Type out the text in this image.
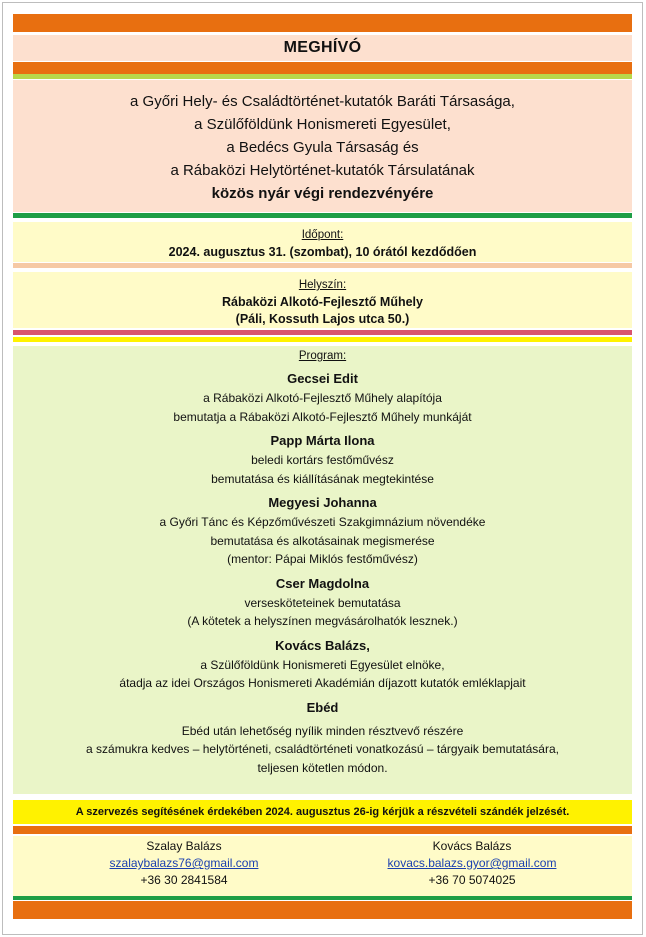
MEGHÍVÓ
a Győri Hely- és Családtörténet-kutatók Baráti Társasága,
a Szülőföldünk Honismereti Egyesület,
a Bedécs Gyula Társaság és
a Rábaközi Helytörténet-kutatók Társulatának
közös nyár végi rendezvényére
Időpont:
2024. augusztus 31. (szombat), 10 órától kezdődően
Helyszín:
Rábaközi Alkotó-Fejlesztő Műhely
(Páli, Kossuth Lajos utca 50.)
Program:
Gecsei Edit
a Rábaközi Alkotó-Fejlesztő Műhely alapítója
bemutatja a Rábaközi Alkotó-Fejlesztő Műhely munkáját
Papp Márta Ilona
beledi kortárs festőművész
bemutatása és kiállításának megtekintése
Megyesi Johanna
a Győri Tánc és Képzőművészeti Szakgimnázium növendéke
bemutatása és alkotásainak megismerése
(mentor: Pápai Miklós festőművész)
Cser Magdolna
versesköteteinek bemutatása
(A kötetek a helyszínen megvásárolhatók lesznek.)
Kovács Balázs,
a Szülőföldünk Honismereti Egyesület elnöke,
átadja az idei Országos Honismereti Akadémián díjazott kutatók emléklapjait
Ebéd
Ebéd után lehetőség nyílik minden résztvevő részére
a számukra kedves – helytörténeti, családtörténeti vonatkozású – tárgyaik bemutatására,
teljesen kötetlen módon.
A szervezés segítésének érdekében 2024. augusztus 26-ig kérjük a részvételi szándék jelzését.
Szalay Balázs
szalaybalazs76@gmail.com
+36 30 2841584
Kovács Balázs
kovacs.balazs.gyor@gmail.com
+36 70 5074025
